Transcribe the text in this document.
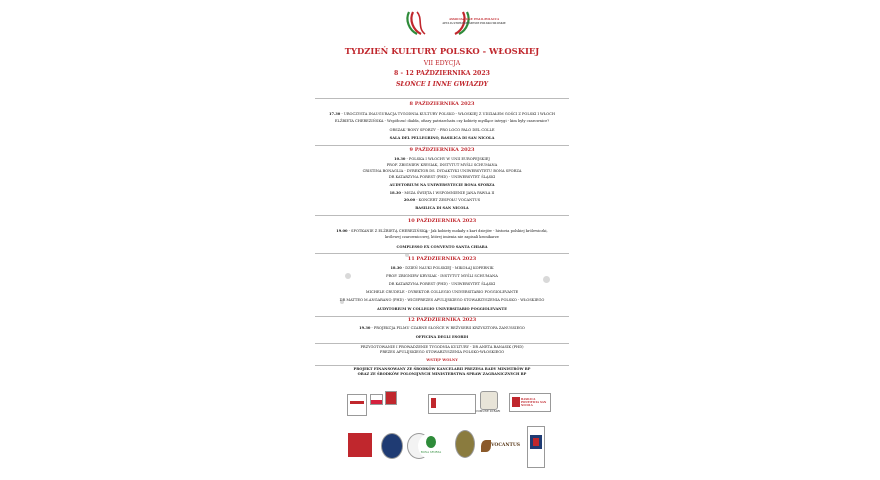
ASSOCIAZIONE ITALO-POLACCA
APULIA STOWARZYSZENIE POLSKO-WŁOSKIE
TYDZIEŃ KULTURY POLSKO - WŁOSKIEJ
VII EDYCJA
8 - 12 PAŹDZIERNIKA 2023
SŁOŃCE I INNE GWIAZDY
8 PAŹDZIERNIKA 2023
17.30 - UROCZYSTA INAUGURACJA TYGODNIA KULTURY POLSKO - WŁOSKIEJ Z UDZIAŁEM GOŚCI Z POLSKI I WŁOCH
ELŻBIETA CHEREZIŃSKA - Współczuć diabła, ofiary patriarchatu czy kobiety mydlące intrygi - kim były czarownice?
ORSZAK 'BONY SFORZY' - PRO LOCO PALO DEL COLLE
SALA DEL PELLEGRINO, BASILICA DI SAN NICOLA
9 PAŹDZIERNIKA 2023
10.30 - POLSKA I WŁOCHY W UNII EUROPEJSKIEJ
PROF. ZBIGNIEW KRYSIAK, INSTYTUT MYŚLI SCHUMANA
CRISTINA BONAGLIA - DYREKTOR DS. DYDAKTYKI UNIWERSYTETU BONA SFORZA
DR KATARZYNA FOREST (PHD) - UNIWERSYTET ŚLĄSKI
AUDYTORIUM NA UNIWERSYTECIE BONA SFORZA
18.30 - MSZA ŚWIĘTA I WSPOMNIENIE JANA PAWŁA II
20.00 - KONCERT ZESPOŁU VOCANTUS
BASILICA DI SAN NICOLA
10 PAŹDZIERNIKA 2023
19.00 - SPOTKANIE Z ELŻBIETĄ CHEREZIŃSKĄ - Jak kobiety mokały z kart dziejów - historia polskiej królewiczki,
królewej czarownicowej, której imienia nie zapisali kronikarze
COMPLESSO EX CONVENTO SANTA CHIARA
11 PAŹDZIERNIKA 2023
18.30 - DZIEŃ NAUKI POLSKIEJ - MIKOŁAJ KOPERNIK
PROF. ZBIGNIEW KRYSIAK - INSTYTUT MYŚLI SCHUMANA
DR KATARZYNA FOREST (PHD) - UNIWERSYTET ŚLĄSKI
MICHELE CRUDELE - DYREKTOR COLLEGIO UNIVERSITARIO POGGIOLEVANTE
DR MATTEO M.ANGARANO (PHD) - WICEPREZES APULIJSKIEGO STOWARZYSZENIA POLSKO - WŁOSKIEGO
AUDYTORIUM W COLLEGIO UNIVERSITARIO POGGIOLEVANTE
12 PAŹDZIERNIKA 2023
19.30 - PROJEKCJA FILMU CZARNE SŁOŃCE W REŻYSERII KRZYSZTOFA ZANUSSIEGO
OFFICINA DEGLI ESORDI
PRZYGOTOWANIE I PROWADZENIE TYGODNIA KULTURY - DR ANETA BANASIK (PHD)
PREZES APULIJSKIEGO STOWARZYSZENIA POLSKO-WŁOSKIEGO
WSTĘP WOLNY
PROJEKT FINANSOWANY ZE ŚRODKÓW KANCELARII PREZESA RADY MINISTRÓW RP
ORAZ ZE ŚRODKÓW POLONIJNYCH MINISTERSTWA SPRAW ZAGRANICZNYCH RP
COMUNE DI BARI
BASILICA PONTIFICIA SAN NICOLA
BONA SFORZA
VOCANTUS
